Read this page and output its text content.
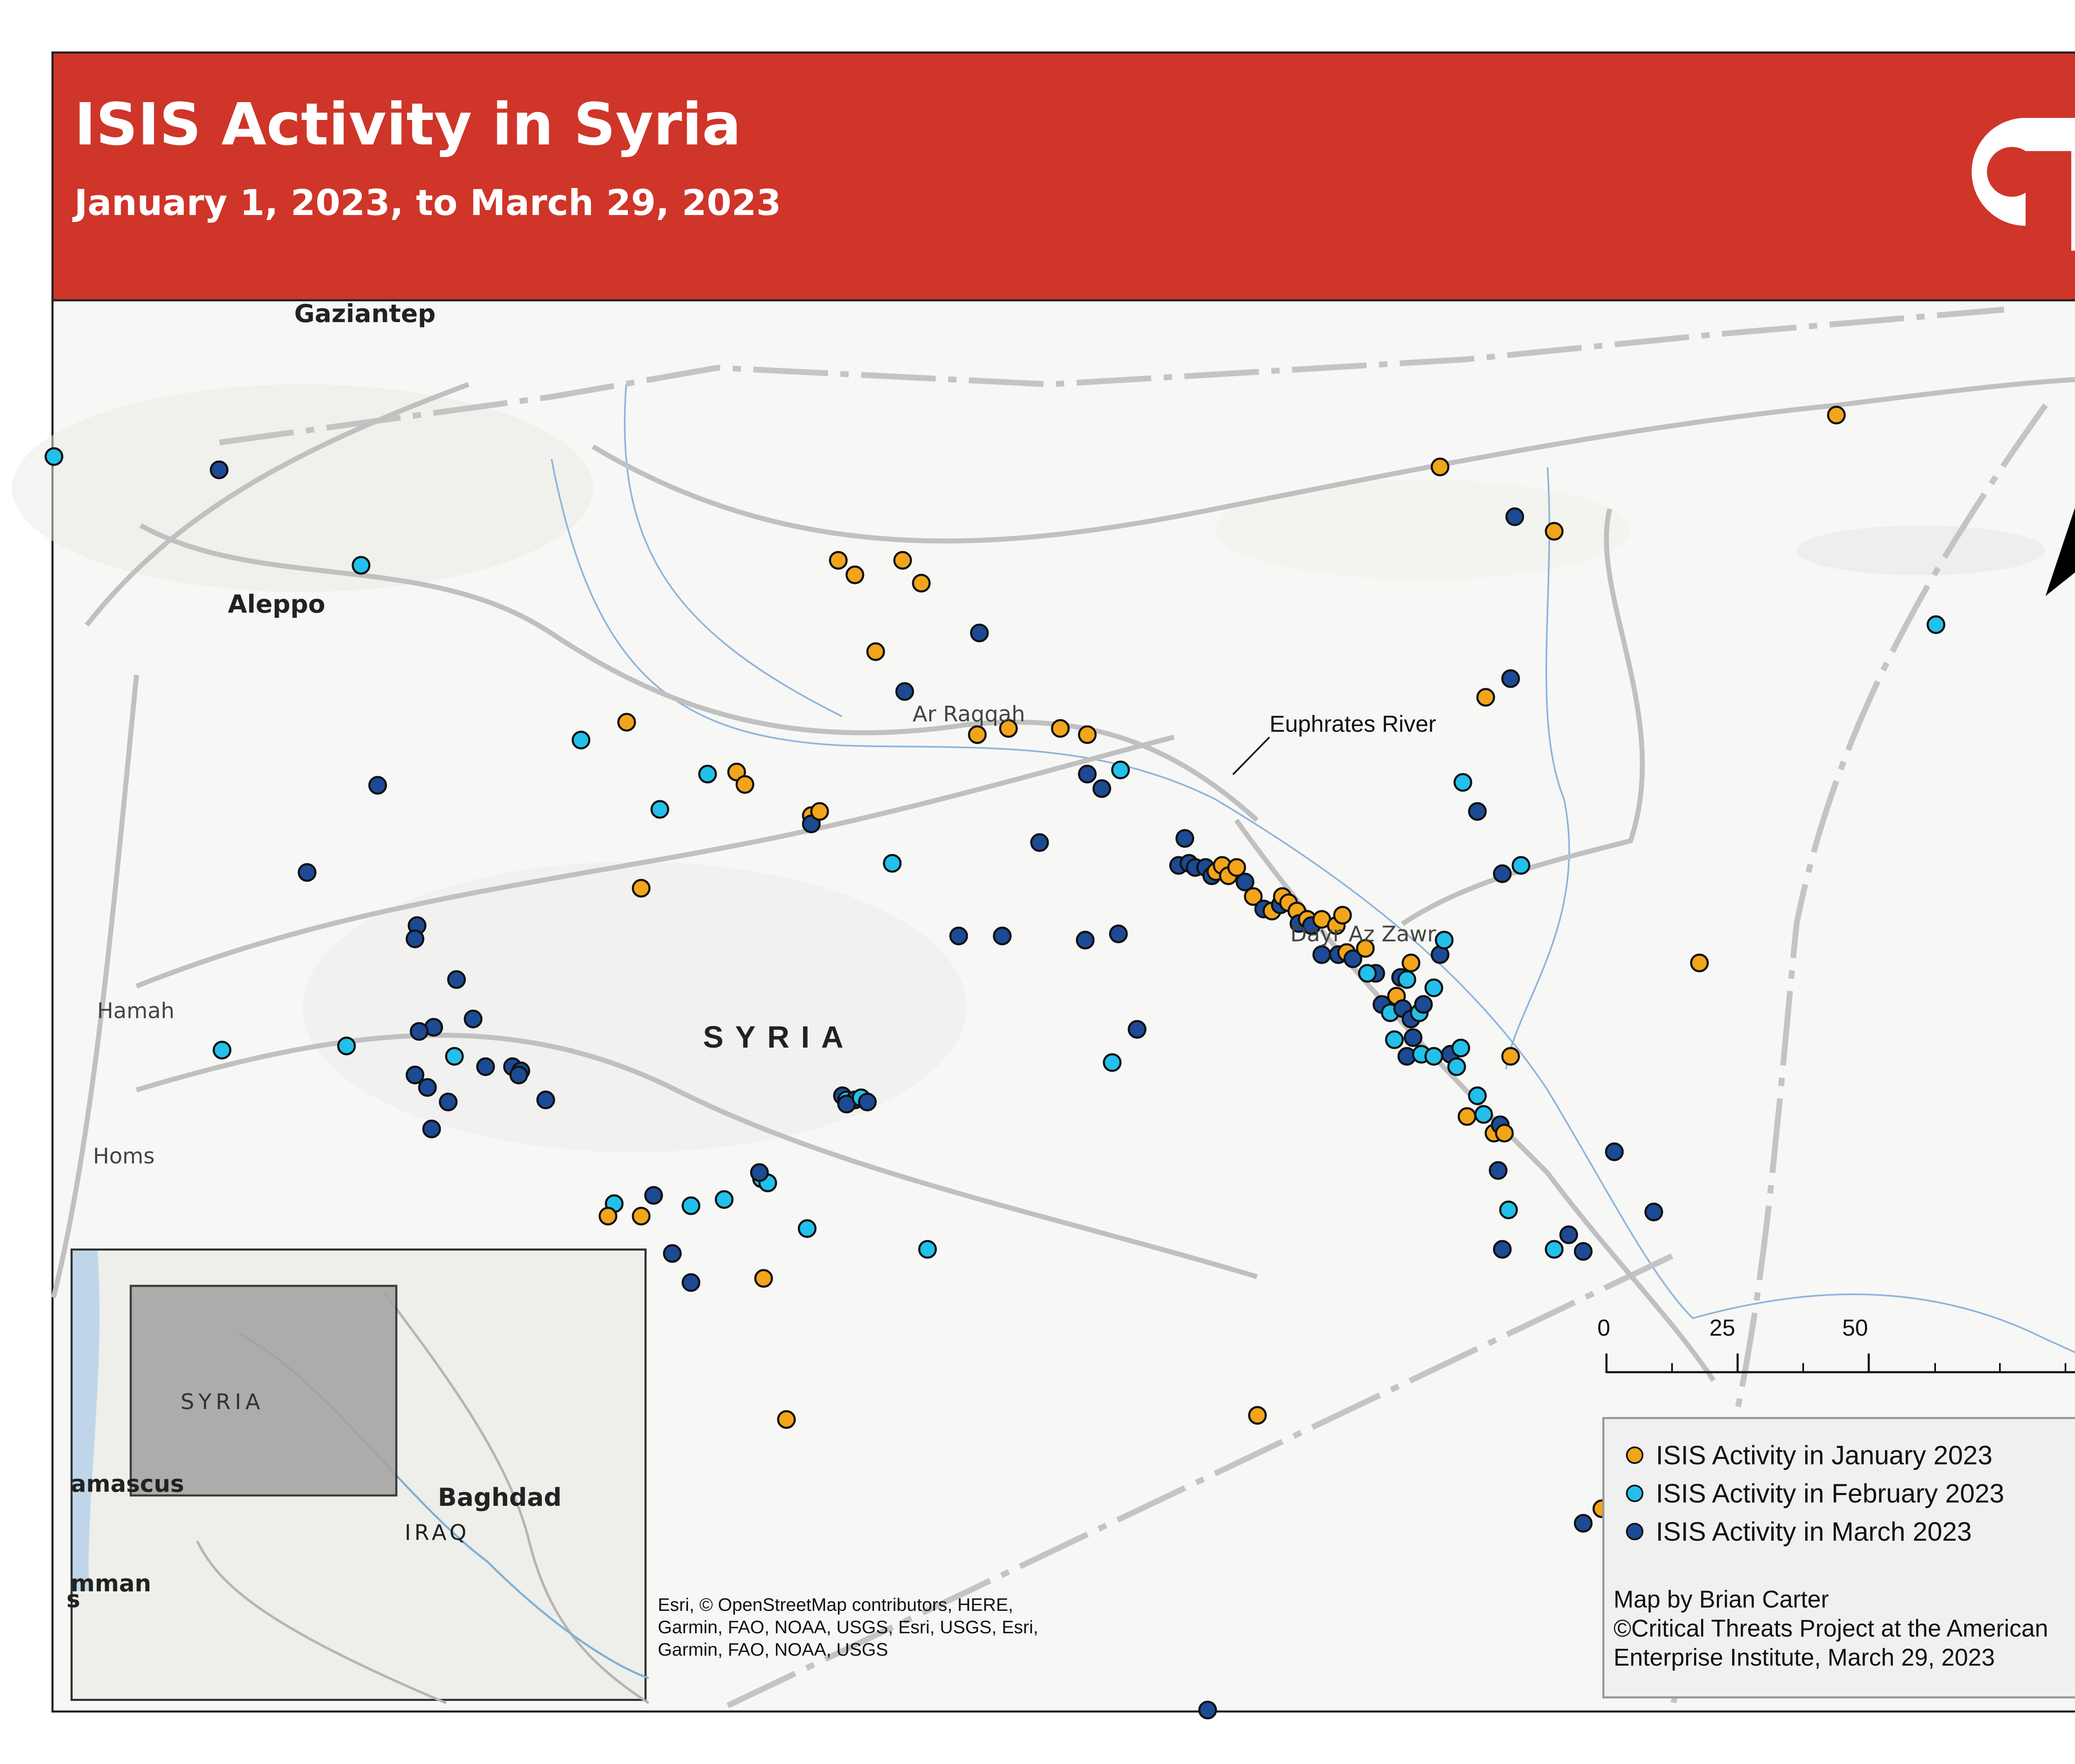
ISIS Activity in Syria
January 1, 2023, to March 29, 2023
Gaziantep
Aleppo
Hamah
Homs
Ar Raqqah
Dayr Az Zawr
SYRIA
Euphrates River
0	25	50
SYRIA
Baghdad
IRAQ
amascus
mman
s	Esri, © OpenStreetMap contributors, HERE,
Garmin, FAO, NOAA, USGS, Esri, USGS, Esri,
Garmin, FAO, NOAA, USGS
ISIS Activity in January 2023
ISIS Activity in February 2023
ISIS Activity in March 2023
Map by Brian Carter
©Critical Threats Project at the American
Enterprise Institute, March 29, 2023
